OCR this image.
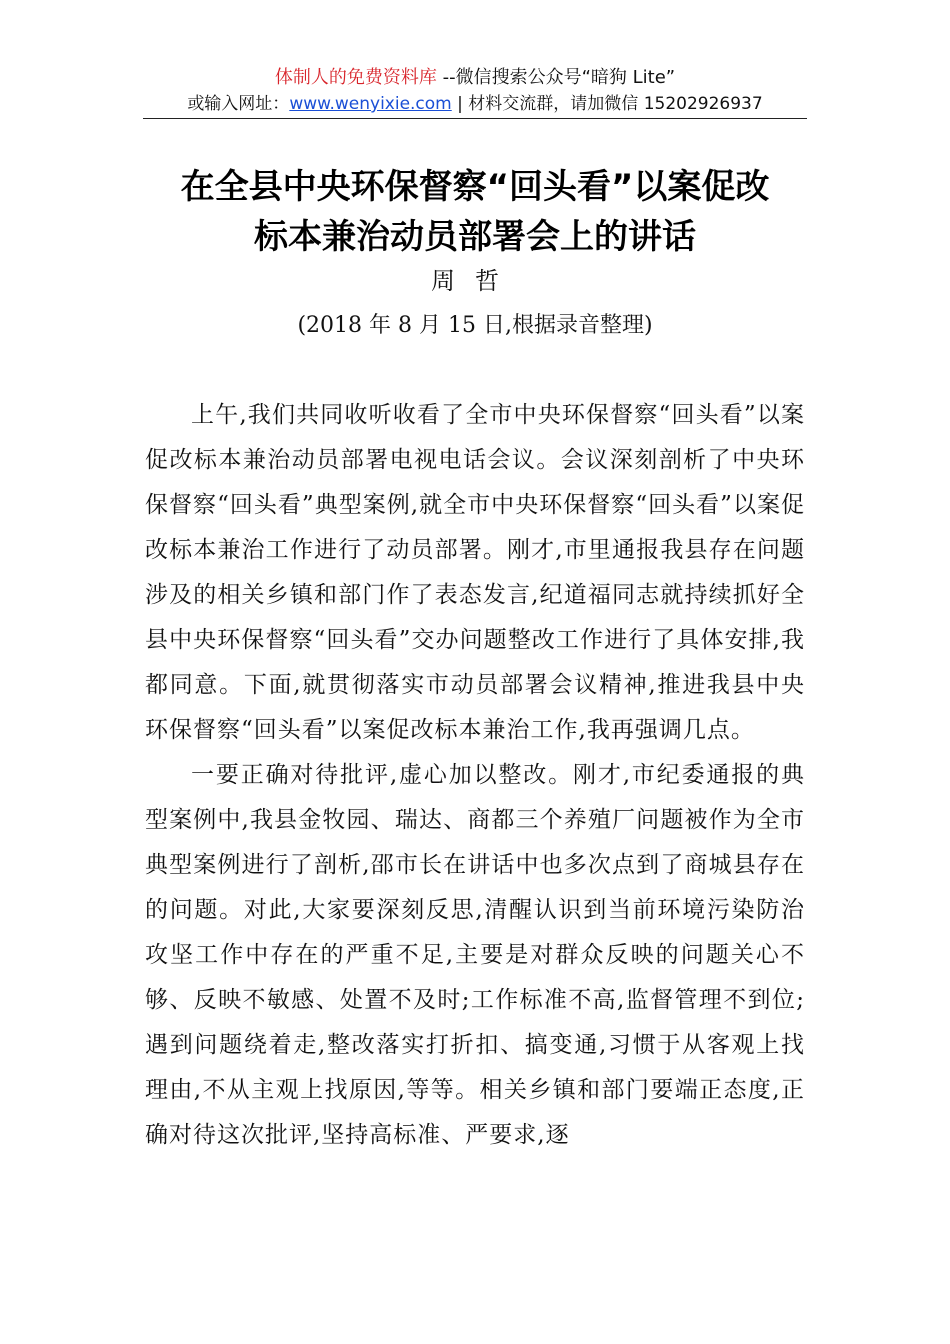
体制人的免费资料库 --微信搜索公众号“暗狗 Lite”
或输入网址：www.wenyixie.com | 材料交流群，请加微信 15202926937
在全县中央环保督察“回头看”以案促改
标本兼治动员部署会上的讲话
周哲
(2018 年 8 月 15 日,根据录音整理)

上午,我们共同收听收看了全市中央环保督察“回头看”以案促改标本兼治动员部署电视电话会议。会议深刻剖析了中央环保督察“回头看”典型案例,就全市中央环保督察“回头看”以案促改标本兼治工作进行了动员部署。刚才,市里通报我县存在问题涉及的相关乡镇和部门作了表态发言,纪道福同志就持续抓好全县中央环保督察“回头看”交办问题整改工作进行了具体安排,我都同意。下面,就贯彻落实市动员部署会议精神,推进我县中央环保督察“回头看”以案促改标本兼治工作,我再强调几点。

一要正确对待批评,虚心加以整改。刚才,市纪委通报的典型案例中,我县金牧园、瑞达、商都三个养殖厂问题被作为全市典型案例进行了剖析,邵市长在讲话中也多次点到了商城县存在的问题。对此,大家要深刻反思,清醒认识到当前环境污染防治攻坚工作中存在的严重不足,主要是对群众反映的问题关心不够、反映不敏感、处置不及时;工作标准不高,监督管理不到位;遇到问题绕着走,整改落实打折扣、搞变通,习惯于从客观上找理由,不从主观上找原因,等等。相关乡镇和部门要端正态度,正确对待这次批评,坚持高标准、严要求,逐
